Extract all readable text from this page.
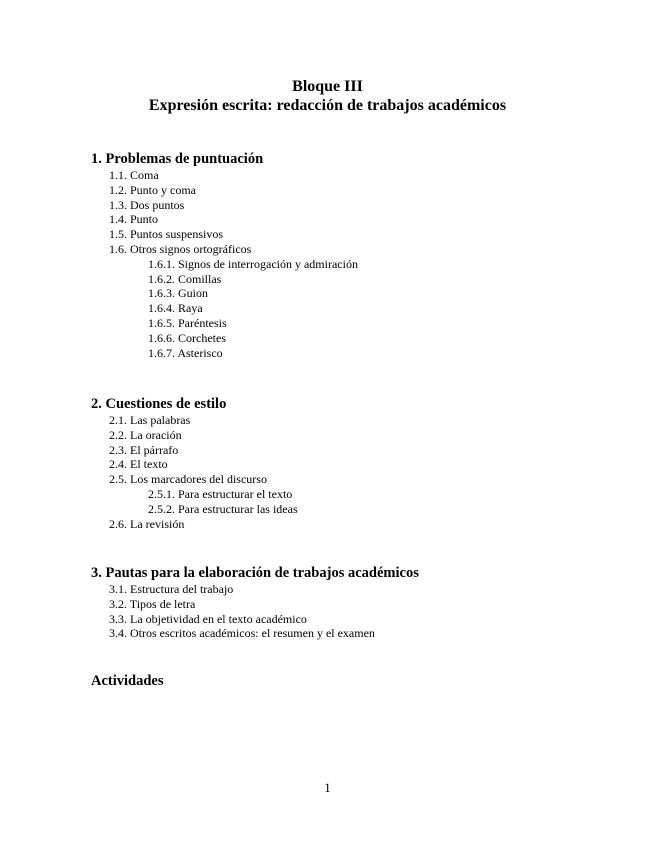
Bloque III
Expresión escrita: redacción de trabajos académicos
1. Problemas de puntuación
1.1. Coma
1.2. Punto y coma
1.3. Dos puntos
1.4. Punto
1.5. Puntos suspensivos
1.6. Otros signos ortográficos
1.6.1. Signos de interrogación y admiración
1.6.2. Comillas
1.6.3. Guion
1.6.4. Raya
1.6.5. Paréntesis
1.6.6. Corchetes
1.6.7. Asterisco
2. Cuestiones de estilo
2.1. Las palabras
2.2. La oración
2.3. El párrafo
2.4. El texto
2.5. Los marcadores del discurso
2.5.1. Para estructurar el texto
2.5.2. Para estructurar las ideas
2.6. La revisión
3. Pautas para la elaboración de trabajos académicos
3.1. Estructura del trabajo
3.2. Tipos de letra
3.3. La objetividad en el texto académico
3.4. Otros escritos académicos: el resumen y el examen
Actividades
1
